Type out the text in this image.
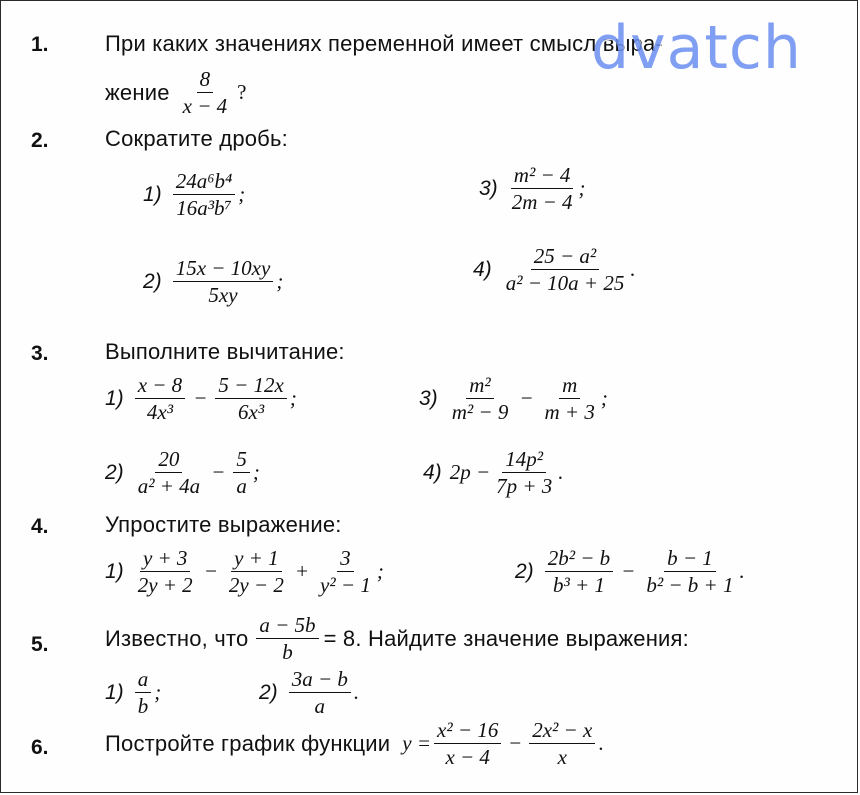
1.	При каких значениях переменной имеет смысл выра-
жение $\frac{8}{x - 4}$ ?
2.	Сократите дробь:
$1) \frac{\text{24a⁶b⁴}}{\text{16a³b⁷}}$ ;
$2) \frac{15x - 10xy}{5xy}$ ;
$3) \frac{\text{m² − 4}}{2m - 4}$ ;
$4) \frac{\text{25 − a²}}{\text{a² − 10a + 25}}$ .
3.	Выполните вычитание:
$1) \frac{x - 8}{\text{4x³}} - \frac{5 - 12x}{\text{6x³}}$ ;
$2) \frac{20}{\text{a² + 4a}} - \frac{5}{a}$ ;
$3) \frac{\text{m²}}{\text{m² − 9}} - \frac{m}{m + 3}$ ;
4) $2p - \frac{\text{14p²}}{7p + 3}$ .
4.	Упростите выражение:
$1) \frac{y + 3}{2y + 2} - \frac{y + 1}{2y - 2} + \frac{3}{\text{y² − 1}}$ ;	$2) \frac{\text{2b² − b}}{\text{b³ + 1}} - \frac{b - 1}{\text{b² − b + 1}}$ .
5.	Известно, что $\frac{a - 5b}{b} = 8$. Найдите значение выражения:
$1) \frac{a}{b}$ ;	$2) \frac{3a - b}{a}$ .
6.	Постройте график функции $y = \frac{\text{x² − 16}}{x - 4} - \frac{\text{2x² − x}}{x}$ .
dvatch
